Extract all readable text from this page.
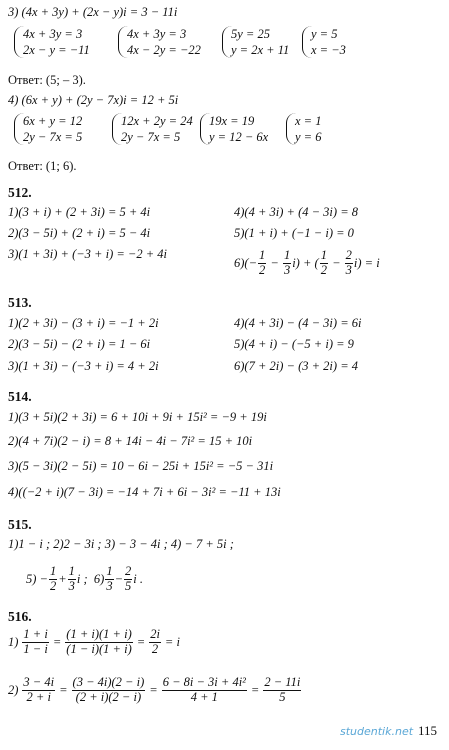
3) (4x + 3y) + (2x − y)i = 3 − 11i
4x + 3y = 3
2x − y = −11
4x + 3y = 3
4x − 2y = −22
5y = 25
y = 2x + 11
y = 5
x = −3
Ответ: (5; – 3).
4) (6x + y) + (2y − 7x)i = 12 + 5i
6x + y = 12
2y − 7x = 5
12x + 2y = 24
2y − 7x = 5
19x = 19
y = 12 − 6x
x = 1
y = 6
Ответ: (1; 6).
512.
1)(3 + i) + (2 + 3i) = 5 + 4i
2)(3 − 5i) + (2 + i) = 5 − 4i
3)(1 + 3i) + (−3 + i) = −2 + 4i
4)(4 + 3i) + (4 − 3i) = 8
5)(1 + i) + (−1 − i) = 0
$6)(- \frac{1}{2} - \frac{1}{3} i)$ + ( $\frac{1}{2} - \frac{2}{3} i) = i$
513.
1)(2 + 3i) − (3 + i) = −1 + 2i
2)(3 − 5i) − (2 + i) = 1 − 6i
3)(1 + 3i) − (−3 + i) = 4 + 2i
4)(4 + 3i) − (4 − 3i) = 6i
5)(4 + i) − (−5 + i) = 9
6)(7 + 2i) − (3 + 2i) = 4
514.
1)(3 + 5i)(2 + 3i) = 6 + 10i + 9i + 15i² = −9 + 19i
2)(4 + 7i)(2 − i) = 8 + 14i − 4i − 7i² = 15 + 10i
3)(5 − 3i)(2 − 5i) = 10 − 6i − 25i + 15i² = −5 − 31i
4)((−2 + i)(7 − 3i) = −14 + 7i + 6i − 3i² = −11 + 13i
515.
1)1 − i ; 2)2 − 3i ; 3) − 3 − 4i ; 4) − 7 + 5i ;
$5) - \frac{1}{2} + \frac{1}{3}$ i ;  $6) \frac{1}{3} - \frac{2}{5}$ i .
516.
$1) \frac{1 + i}{1 - i} = \frac{(1 + i)(1 + i)}{(1 - i)(1 + i)} = \frac{2i}{2} = i$
$2) \frac{3 - 4i}{2 + i} = \frac{(3 - 4i)(2 - i)}{(2 + i)(2 - i)} = \frac{\text{6 − 8i − 3i + 4i²}}{4 + 1} = \frac{2 - 11i}{5}$
studentik.net 115
